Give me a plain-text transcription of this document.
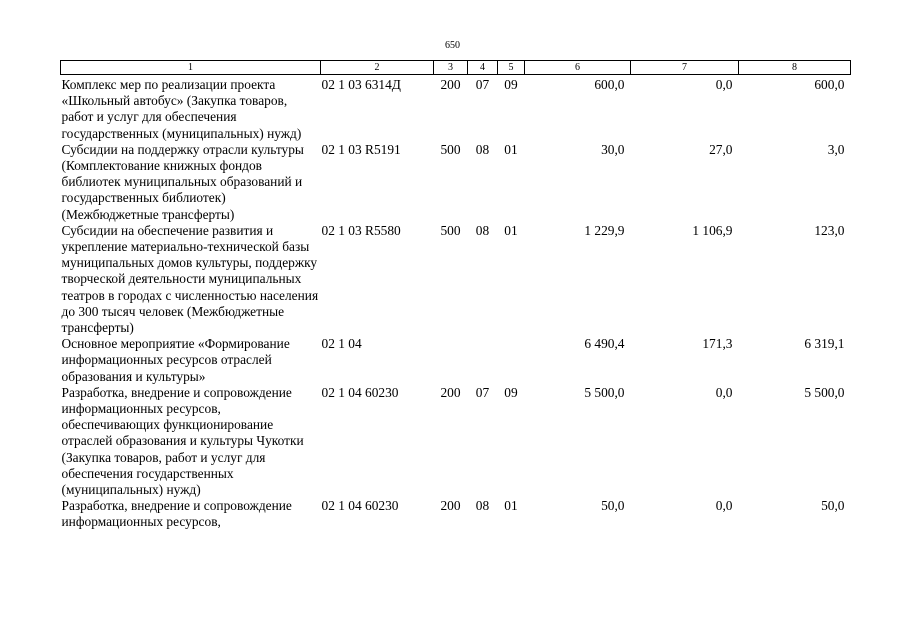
650
1	2	3	4	5	6	7	8
Комплекс мер по реализации проекта «Школьный автобус» (Закупка товаров, работ и услуг для обеспечения государственных (муниципальных) нужд)	02 1 03 6314Д	200	07	09	600,0	0,0	600,0
Субсидии на поддержку отрасли культуры (Комплектование книжных фондов библиотек муниципальных образований и государственных библиотек) (Межбюджетные трансферты)	02 1 03 R5191	500	08	01	30,0	27,0	3,0
Субсидии на обеспечение развития и укрепление материально-технической базы муниципальных домов культуры, поддержку творческой деятельности муниципальных театров в городах с численностью населения до 300 тысяч человек (Межбюджетные трансферты)	02 1 03 R5580	500	08	01	1 229,9	1 106,9	123,0
Основное мероприятие «Формирование информационных ресурсов отраслей образования и культуры»	02 1 04				6 490,4	171,3	6 319,1
Разработка, внедрение и сопровождение информационных ресурсов, обеспечивающих функционирование отраслей образования и культуры Чукотки (Закупка товаров, работ и услуг для обеспечения государственных (муниципальных) нужд)	02 1 04 60230	200	07	09	5 500,0	0,0	5 500,0
Разработка, внедрение и сопровождение информационных ресурсов,	02 1 04 60230	200	08	01	50,0	0,0	50,0
